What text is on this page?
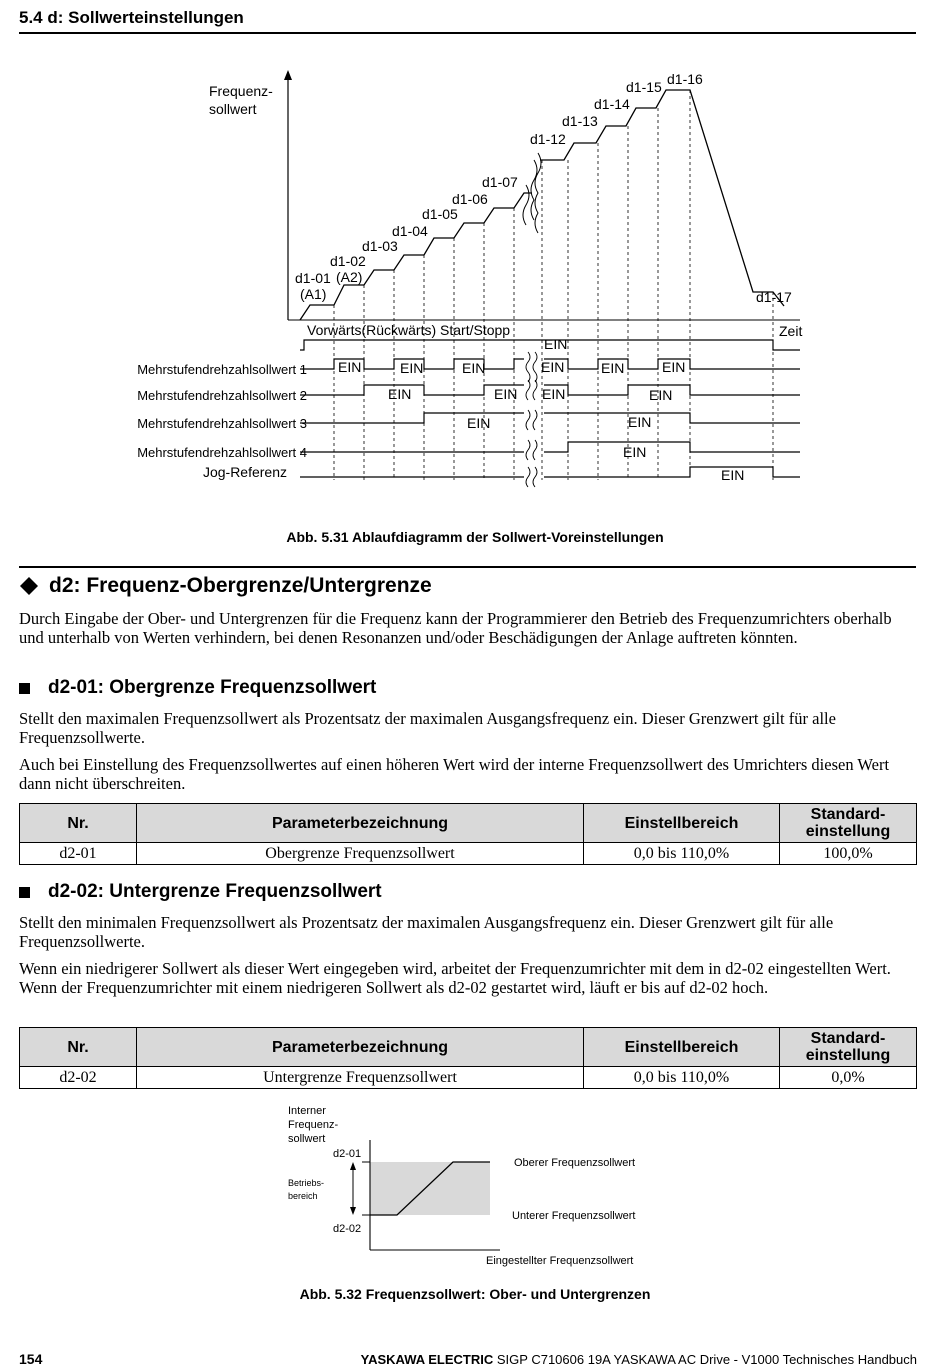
5.4 d: Sollwerteinstellungen
Frequenz-
sollwert
d1-01
(A1)
d1-02
(A2)
d1-03
d1-04
d1-05
d1-06
d1-07
d1-12
d1-13
d1-14
d1-15 d1-16
d1-17
Zeit
Vorwärts(Rückwärts) Start/Stopp
Mehrstufendrehzahlsollwert 1
Mehrstufendrehzahlsollwert 2
Mehrstufendrehzahlsollwert 3
Mehrstufendrehzahlsollwert 4
Jog-Referenz
EIN	EIN	EIN
EIN
EIN	EIN	EIN
EIN	EIN EIN	EIN
EIN	EIN
EIN
EIN
Abb. 5.31 Ablaufdiagramm der Sollwert-Voreinstellungen
d2: Frequenz-Obergrenze/Untergrenze
Durch Eingabe der Ober- und Untergrenzen für die Frequenz kann der Programmierer den Betrieb des Frequenzumrichters oberhalb und unterhalb von Werten verhindern, bei denen Resonanzen und/oder Beschädigungen der Anlage auftreten könnten.
d2-01: Obergrenze Frequenzsollwert
Stellt den maximalen Frequenzsollwert als Prozentsatz der maximalen Ausgangsfrequenz ein. Dieser Grenzwert gilt für alle Frequenzsollwerte.
Auch bei Einstellung des Frequenzsollwertes auf einen höheren Wert wird der interne Frequenzsollwert des Umrichters diesen Wert dann nicht überschreiten.
Nr.	Parameterbezeichnung	Einstellbereich	Standard-
einstellung
d2-01	Obergrenze Frequenzsollwert	0,0 bis 110,0%	100,0%
d2-02: Untergrenze Frequenzsollwert
Stellt den minimalen Frequenzsollwert als Prozentsatz der maximalen Ausgangsfrequenz ein. Dieser Grenzwert gilt für alle Frequenzsollwerte.
Wenn ein niedrigerer Sollwert als dieser Wert eingegeben wird, arbeitet der Frequenzumrichter mit dem in d2-02 eingestellten Wert. Wenn der Frequenzumrichter mit einem niedrigeren Sollwert als d2-02 gestartet wird, läuft er bis auf d2-02 hoch.
Nr.	Parameterbezeichnung	Einstellbereich	Standard-
einstellung
d2-02	Untergrenze Frequenzsollwert	0,0 bis 110,0%	0,0%
Interner
Frequenz-
sollwert
d2-01
d2-02
Oberer Frequenzsollwert
Unterer Frequenzsollwert
Eingestellter Frequenzsollwert
Betriebs-
bereich
Abb. 5.32 Frequenzsollwert: Ober- und Untergrenzen
154	YASKAWA ELECTRIC SIGP C710606 19A YASKAWA AC Drive - V1000 Technisches Handbuch
